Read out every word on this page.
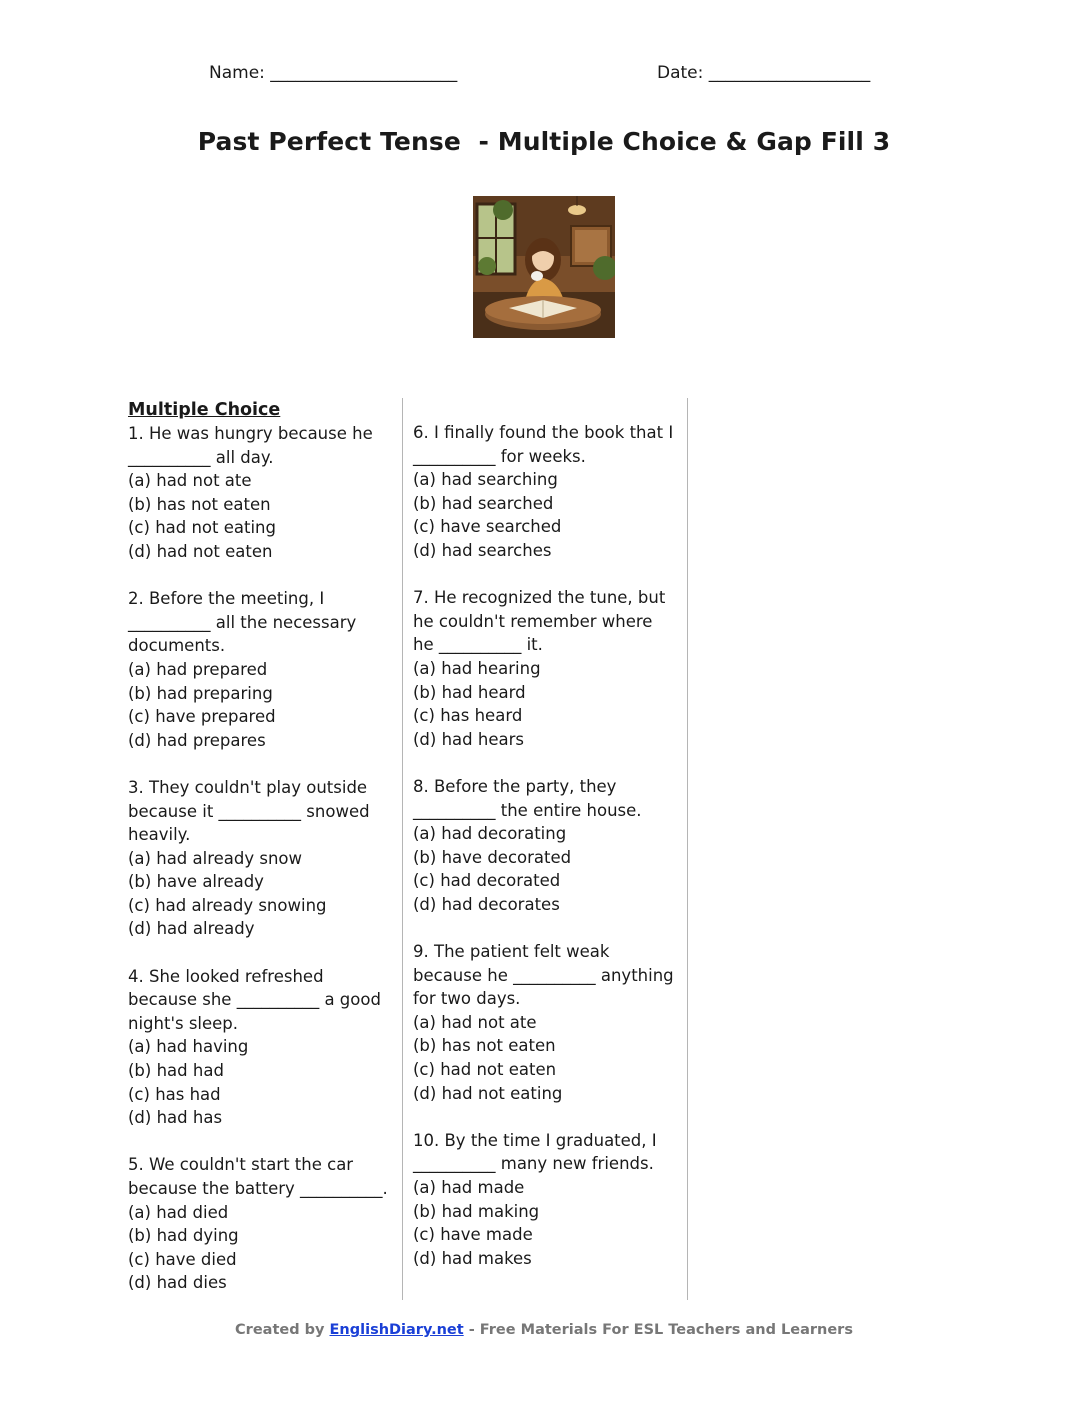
Name: ______________________	Date: ___________________
Past Perfect Tense  - Multiple Choice & Gap Fill 3
Multiple Choice
1. He was hungry because he __________ all day.
(a) had not ate
(b) has not eaten
(c) had not eating
(d) had not eaten
2. Before the meeting, I __________ all the necessary documents.
(a) had prepared
(b) had preparing
(c) have prepared
(d) had prepares
3. They couldn't play outside because it __________ snowed heavily.
(a) had already snow
(b) have already
(c) had already snowing
(d) had already
4. She looked refreshed because she __________ a good night's sleep.
(a) had having
(b) had had
(c) has had
(d) had has
5. We couldn't start the car because the battery __________.
(a) had died
(b) had dying
(c) have died
(d) had dies
6. I finally found the book that I __________ for weeks.
(a) had searching
(b) had searched
(c) have searched
(d) had searches
7. He recognized the tune, but he couldn't remember where he __________ it.
(a) had hearing
(b) had heard
(c) has heard
(d) had hears
8. Before the party, they __________ the entire house.
(a) had decorating
(b) have decorated
(c) had decorated
(d) had decorates
9. The patient felt weak because he __________ anything for two days.
(a) had not ate
(b) has not eaten
(c) had not eaten
(d) had not eating
10. By the time I graduated, I __________ many new friends.
(a) had made
(b) had making
(c) have made
(d) had makes
Created by EnglishDiary.net - Free Materials For ESL Teachers and Learners
